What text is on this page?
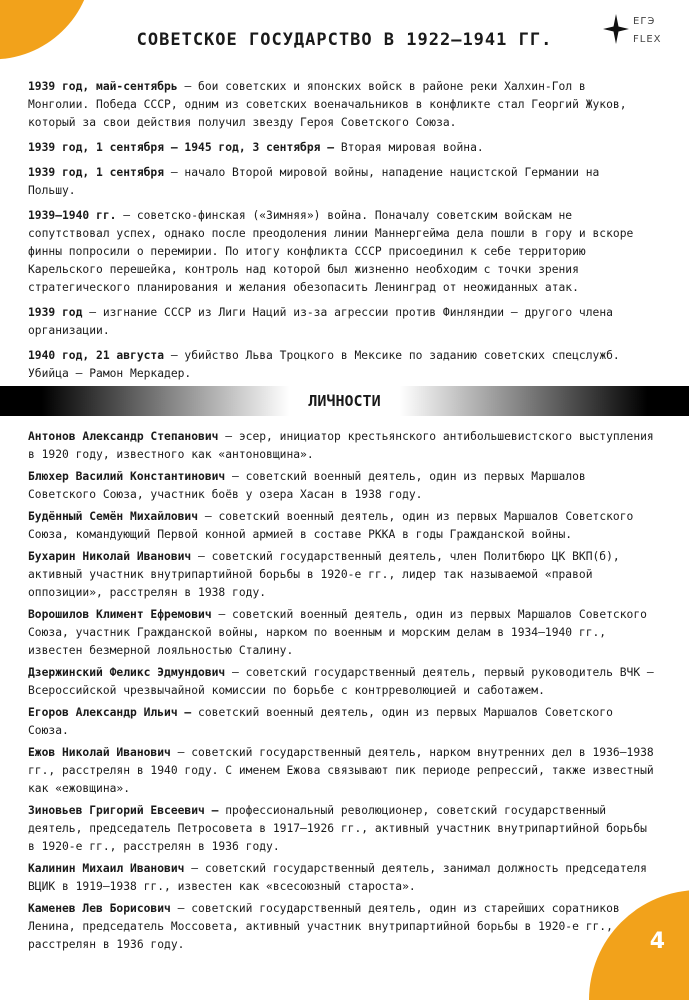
4
ЕГЭ
FLEX
СОВЕТСКОЕ ГОСУДАРСТВО В 1922–1941 ГГ.

1939 год, май-сентябрь – бои советских и японских войск в районе реки Халхин-Гол в Монголии. Победа СССР, одним из советских военачальников в конфликте стал Георгий Жуков, который за свои действия получил звезду Героя Советского Союза.

1939 год, 1 сентября – 1945 год, 3 сентября – Вторая мировая война.

1939 год, 1 сентября – начало Второй мировой войны, нападение нацистской Германии на Польшу.

1939–1940 гг. – советско-финская («Зимняя») война. Поначалу советским войскам не сопутствовал успех, однако после преодоления линии Маннергейма дела пошли в гору и вскоре финны попросили о перемирии. По итогу конфликта СССР присоединил к себе территорию Карельского перешейка, контроль над которой был жизненно необходим с точки зрения стратегического планирования и желания обезопасить Ленинград от неожиданных атак.

1939 год – изгнание СССР из Лиги Наций из-за агрессии против Финляндии – другого члена организации.

1940 год, 21 августа – убийство Льва Троцкого в Мексике по заданию советских спецслужб. Убийца – Рамон Меркадер.

ЛИЧНОСТИ

Антонов Александр Степанович – эсер, инициатор крестьянского антибольшевистского выступления в 1920 году, известного как «антоновщина».

Блюхер Василий Константинович – советский военный деятель, один из первых Маршалов Советского Союза, участник боёв у озера Хасан в 1938 году.

Будённый Семён Михайлович – советский военный деятель, один из первых Маршалов Советского Союза, командующий Первой конной армией в составе РККА в годы Гражданской войны.

Бухарин Николай Иванович – советский государственный деятель, член Политбюро ЦК ВКП(б), активный участник внутрипартийной борьбы в 1920-е гг., лидер так называемой «правой оппозиции», расстрелян в 1938 году.

Ворошилов Климент Ефремович – советский военный деятель, один из первых Маршалов Советского Союза, участник Гражданской войны, нарком по военным и морским делам в 1934–1940 гг., известен безмерной лояльностью Сталину.

Дзержинский Феликс Эдмундович – советский государственный деятель, первый руководитель ВЧК – Всероссийской чрезвычайной комиссии по борьбе с контрреволюцией и саботажем.

Егоров Александр Ильич – советский военный деятель, один из первых Маршалов Советского Союза.

Ежов Николай Иванович – советский государственный деятель, нарком внутренних дел в 1936–1938 гг., расстрелян в 1940 году. С именем Ежова связывают пик периоде репрессий, также известный как «ежовщина».

Зиновьев Григорий Евсеевич – профессиональный революционер, советский государственный деятель, председатель Петросовета в 1917–1926 гг., активный участник внутрипартийной борьбы в 1920-е гг., расстрелян в 1936 году.

Калинин Михаил Иванович – советский государственный деятель, занимал должность председателя ВЦИК в 1919–1938 гг., известен как «всесоюзный староста».

Каменев Лев Борисович – советский государственный деятель, один из старейших соратников Ленина, председатель Моссовета, активный участник внутрипартийной борьбы в 1920-е гг., расстрелян в 1936 году.
